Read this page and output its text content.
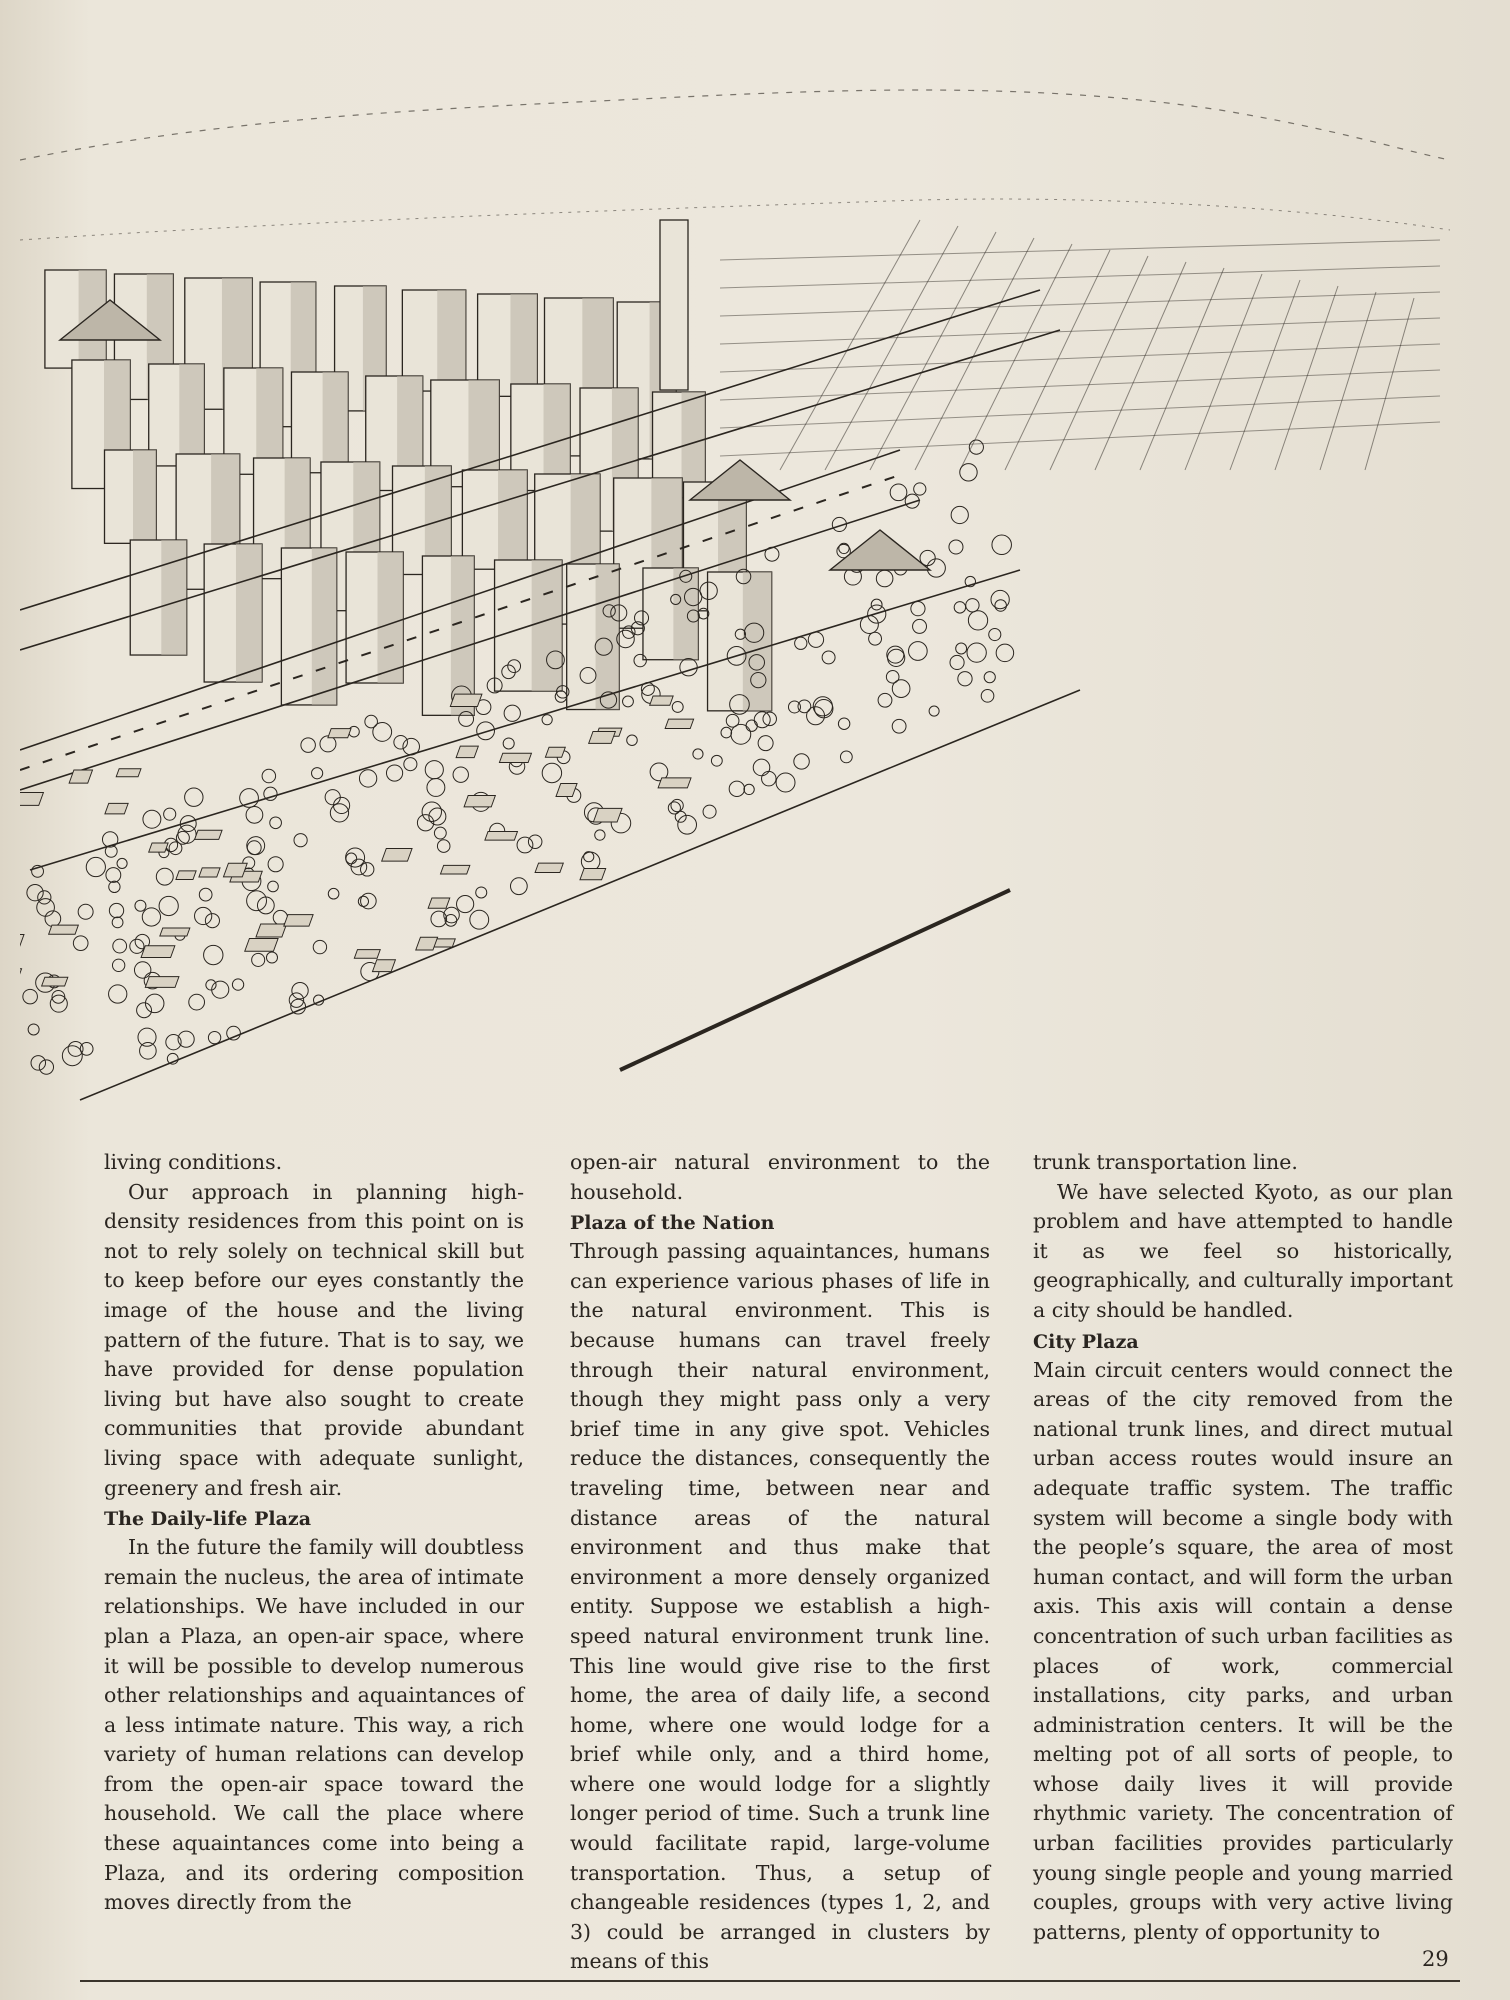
living conditions.

Our approach in planning high-density residences from this point on is not to rely solely on technical skill but to keep before our eyes constantly the image of the house and the living pattern of the future. That is to say, we have provided for dense population living but have also sought to create communities that provide abundant living space with adequate sunlight, greenery and fresh air.

The Daily-life Plaza

In the future the family will doubtless remain the nucleus, the area of intimate relationships. We have included in our plan a Plaza, an open-air space, where it will be possible to develop numerous other relationships and aquaintances of a less intimate nature. This way, a rich variety of human relations can develop from the open-air space toward the household. We call the place where these aquaintances come into being a Plaza, and its ordering composition moves directly from the

open-air natural environment to the household.

Plaza of the Nation

Through passing aquaintances, humans can experience various phases of life in the natural environment. This is because humans can travel freely through their natural environment, though they might pass only a very brief time in any give spot. Vehicles reduce the distances, consequently the traveling time, between near and distance areas of the natural environment and thus make that environment a more densely organized entity. Suppose we establish a high-speed natural environment trunk line. This line would give rise to the first home, the area of daily life, a second home, where one would lodge for a brief while only, and a third home, where one would lodge for a slightly longer period of time. Such a trunk line would facilitate rapid, large-volume transportation. Thus, a setup of changeable residences (types 1, 2, and 3) could be arranged in clusters by means of this

trunk transportation line.

We have selected Kyoto, as our plan problem and have attempted to handle it as we feel so historically, geographically, and culturally important a city should be handled.

City Plaza

Main circuit centers would connect the areas of the city removed from the national trunk lines, and direct mutual urban access routes would insure an adequate traffic system. The traffic system will become a single body with the people’s square, the area of most human contact, and will form the urban axis. This axis will contain a dense concentration of such urban facilities as places of work, commercial installations, city parks, and urban administration centers. It will be the melting pot of all sorts of people, to whose daily lives it will provide rhythmic variety. The concentration of urban facilities provides particularly young single people and young married couples, groups with very active living patterns, plenty of opportunity to

29
